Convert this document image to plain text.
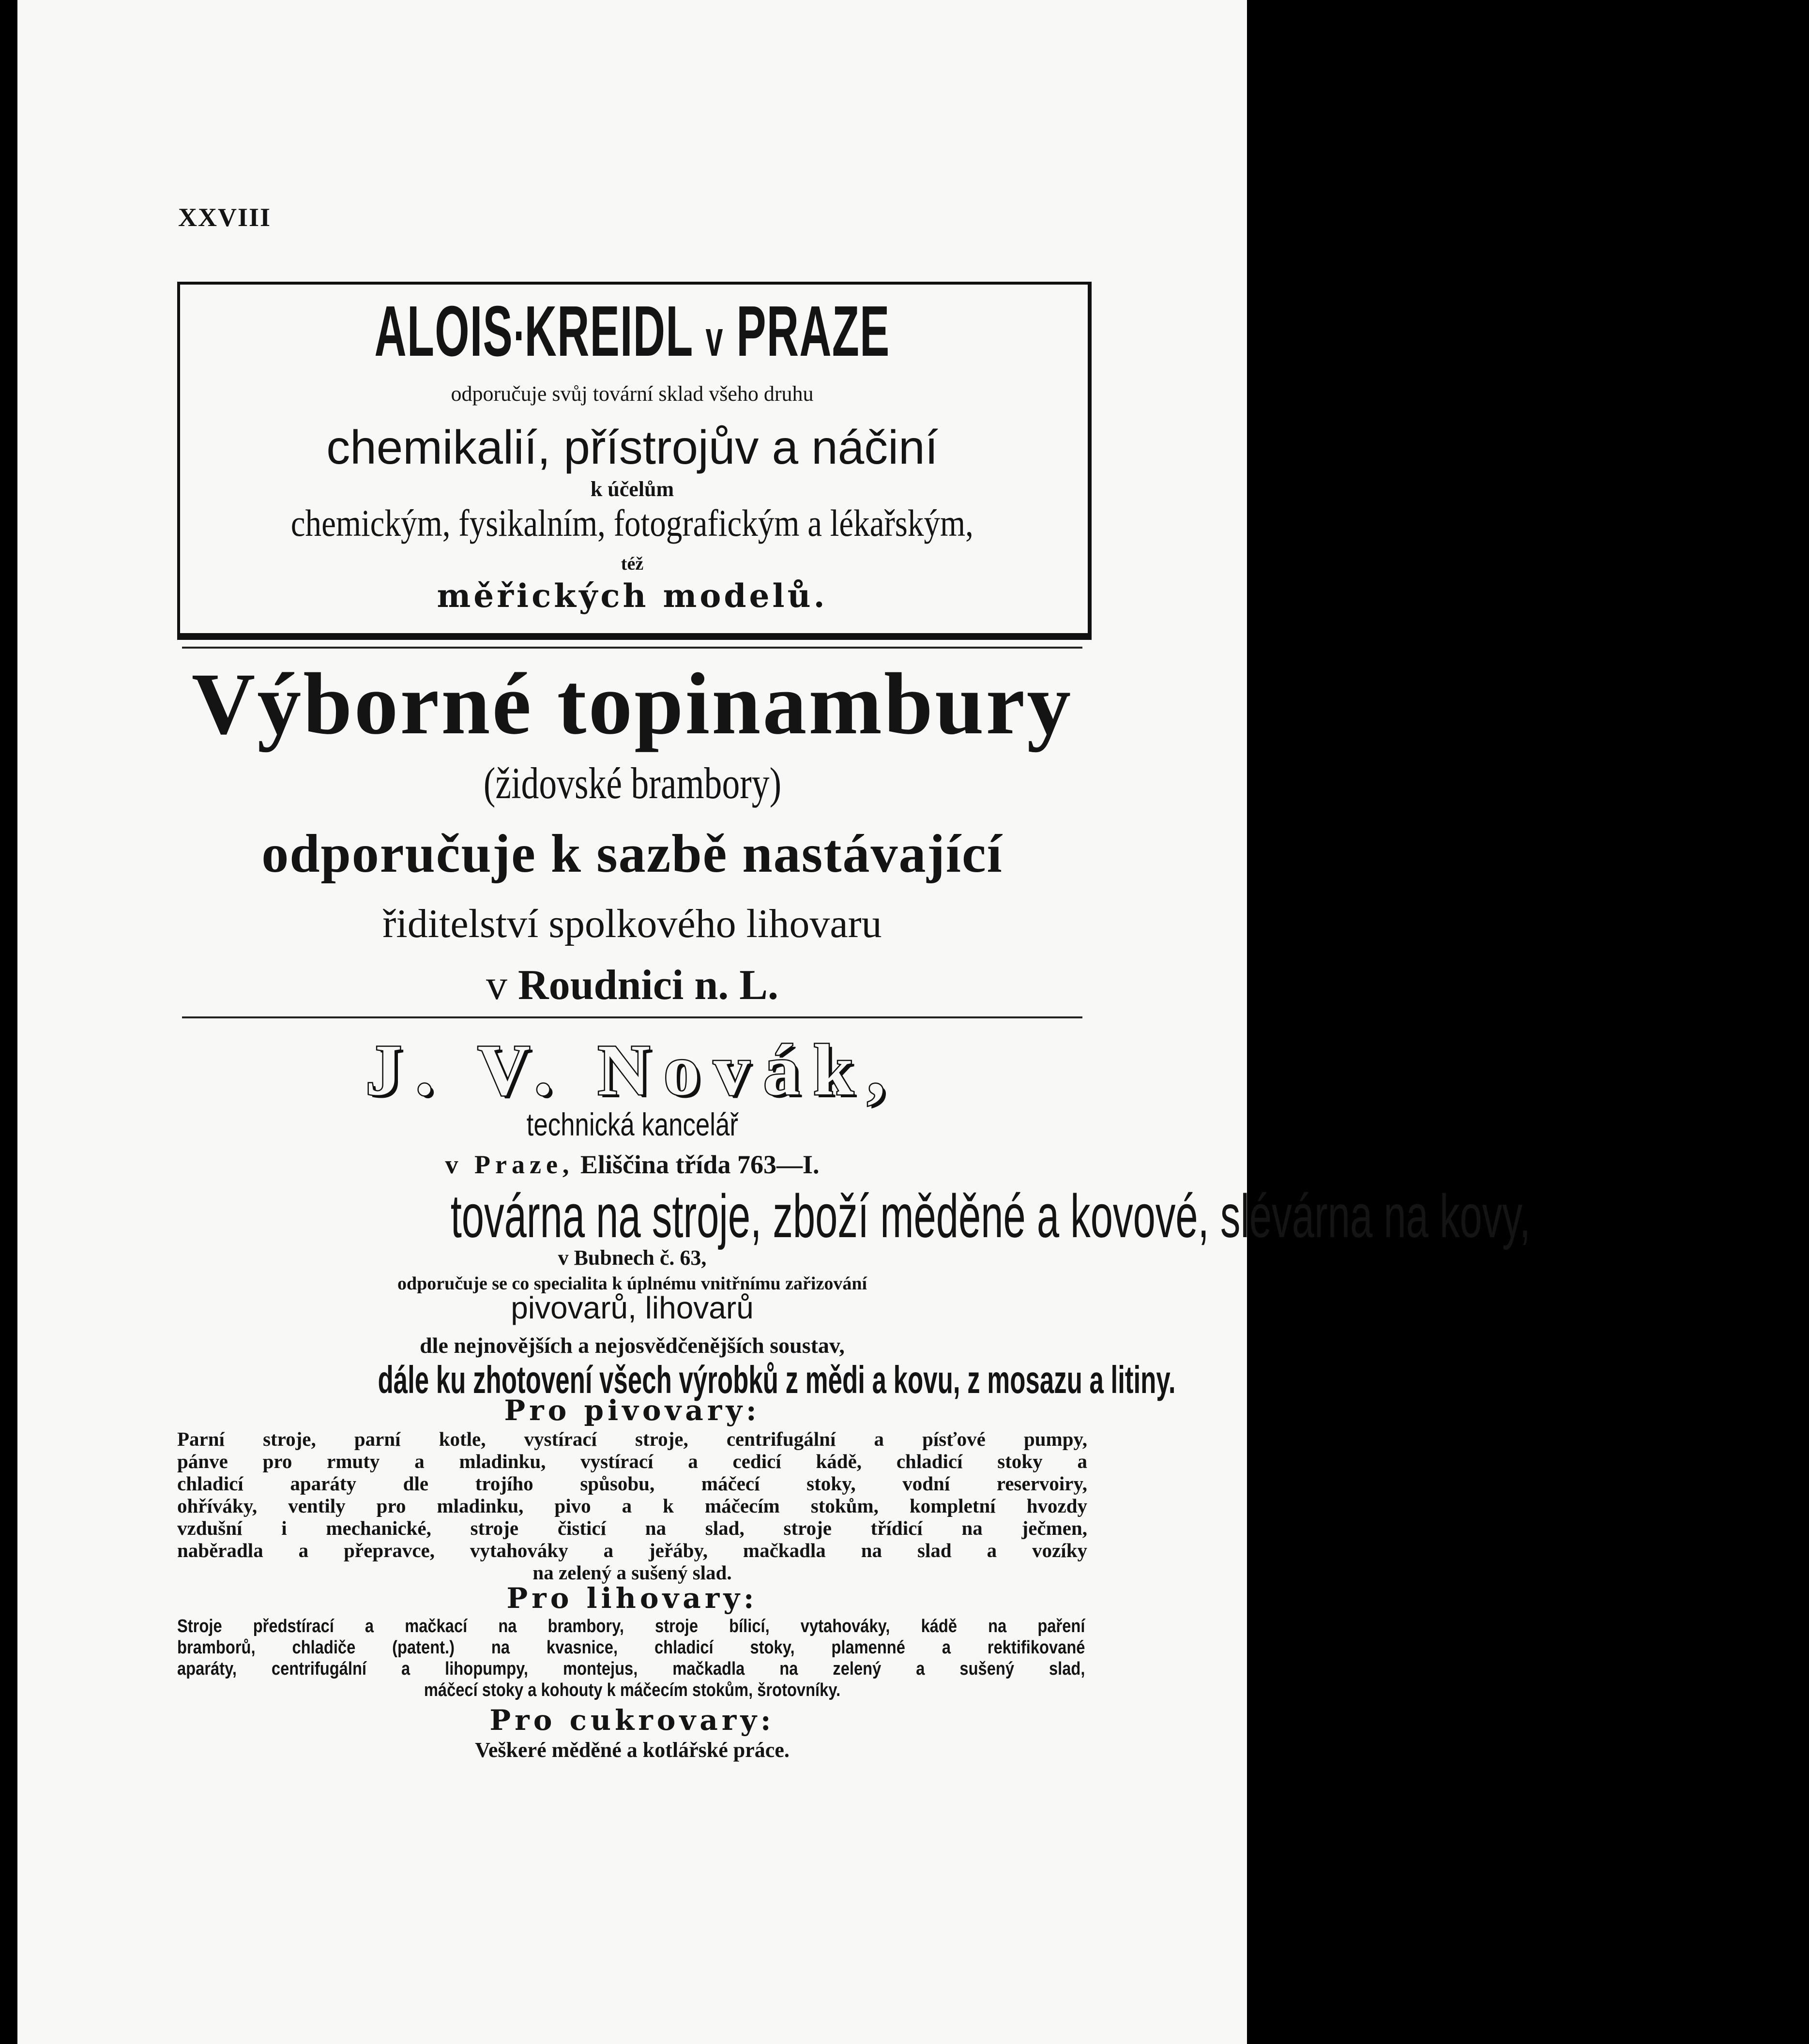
XXVIII
ALOIS KREIDL v PRAZE
odporučuje svůj tovární sklad všeho druhu
chemikalií, přístrojův a náčiní
k účelům
chemickým, fysikalním, fotografickým a lékařským,
též
měřických modelů.
Výborné topinambury
(židovské brambory)
odporučuje k sazbě nastávající
řiditelství spolkového lihovaru
v Roudnici n. L.
J. V. Novák,
technická kancelář
v Praze, Eliščina třída 763—I.
továrna na stroje, zboží měděné a kovové, slévárna na kovy,
v Bubnech č. 63,
odporučuje se co specialita k úplnému vnitřnímu zařizování
pivovarů, lihovarů
dle nejnovějších a nejosvědčenějších soustav,
dále ku zhotovení všech výrobků z mědi a kovu, z mosazu a litiny.
Pro pivovary:
Parní stroje, parní kotle, vystírací stroje, centrifugální a písťové pumpy,
pánve pro rmuty a mladinku, vystírací a cedicí kádě, chladicí stoky a
chladicí aparáty dle trojího spůsobu, máčecí stoky, vodní reservoiry,
ohříváky, ventily pro mladinku, pivo a k máčecím stokům, kompletní hvozdy
vzdušní i mechanické, stroje čisticí na slad, stroje třídicí na ječmen,
naběradla a přepravce, vytahováky a jeřáby, mačkadla na slad a vozíky
na zelený a sušený slad.
Pro lihovary:
Stroje předstírací a mačkací na brambory, stroje bílicí, vytahováky, kádě na paření
bramborů, chladiče (patent.) na kvasnice, chladicí stoky, plamenné a rektifikované
aparáty, centrifugální a lihopumpy, montejus, mačkadla na zelený a sušený slad,
máčecí stoky a kohouty k máčecím stokům, šrotovníky.
Pro cukrovary:
Veškeré měděné a kotlářské práce.
